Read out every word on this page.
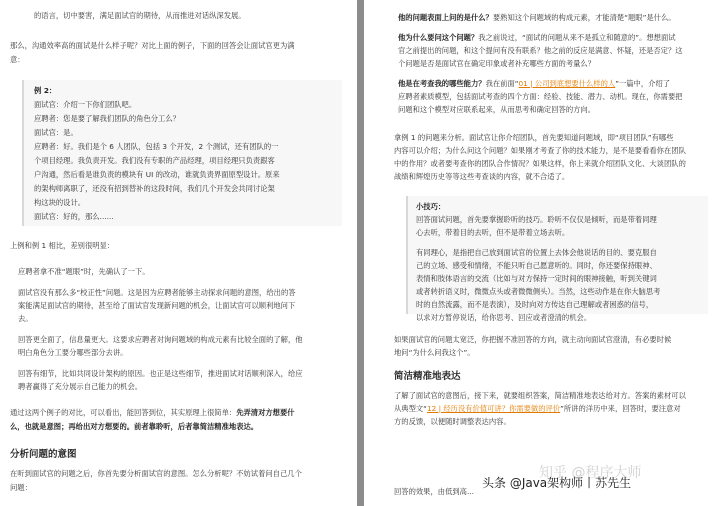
的语言，切中要害，满足面试官的期待，从而推进对话纵深发展。
那么，沟通效率高的面试是什么样子呢？对比上面的例子，下面的回答会让面试官更为满
意：
例 2：
面试官：介绍一下你们团队吧。
应聘者：您是要了解我们团队的角色分工么？
面试官：是。
应聘者：好。我们是个 6 人团队，包括 3 个开发，2 个测试，还有团队的一
个项目经理。我负责开发。我们没有专职的产品经理，项目经理只负责跟客
户沟通，然后看是谁负责的模块有 UI 的改动，谁就负责界面原型设计。原来
的架构师离职了，还没有招到替补的这段时间，我们几个开发会共同讨论架
构这块的设计。
面试官：好的，那么......
上例和例 1 相比，差别很明显：
应聘者拿不准“题眼”时，先确认了一下。
面试官没有那么多“校正性”问题。这是因为应聘者能够主动探求问题的意图，给出的答
案能满足面试官的期待，甚至给了面试官发现新问题的机会，让面试官可以顺利地问下
去。
回答更全面了，信息量更大。这要求应聘者对询问题域的构成元素有比较全面的了解，他
明白角色分工要分哪些部分去讲。
回答有细节，比如共同设计架构的原因。也正是这些细节，推进面试对话顺利深入，给应
聘者赢得了充分展示自己能力的机会。
通过这两个例子的对比，可以看出，能回答到位，其实原理上很简单：先弄清对方想要什
么，也就是意图；再给出对方想要的。前者靠聆听，后者靠简洁精准地表达。
分析问题的意图
在听到面试官的问题之后，你首先要分析面试官的意图。怎么分析呢？不妨试着问自己几个
问题：
他的问题表面上问的是什么？要熟知这个问题域的构成元素，才能清楚“题眼”是什么。
他为什么要问这个问题？我之前说过，“面试的问题从来不是孤立和随意的”。想想面试
官之前提出的问题，和这个提问有没有联系？他之前的反应是满意、怀疑，还是否定？这
个问题是否是面试官在确定印象或者补充哪些方面的考量么？
他是在考查我的哪些能力？我在前面“01 | 公司到底想要什么样的人”一篇中，介绍了
应聘者素质模型，包括面试考查的四个方面：经验、技能、潜力、动机。现在，你需要把
问题和这个模型对应联系起来，从而思考和确定回答的方向。
拿例 1 的问题来分析。面试官让你介绍团队，首先要知道问题域，即“项目团队”有哪些
内容可以介绍；为什么问这个问题？如果刚才考查了你的技术能力，是不是要看看你在团队
中的作用？或者要考查你的团队合作情况？如果这样，你上来就介绍团队文化、大谈团队的
战绩和辉煌历史等等这些考查谈的内容，就不合适了。
小技巧：
回答面试问题，首先要掌握聆听的技巧。聆听不仅仅是倾听，而是带着同理
心去听，带着目的去听，但不是带着立场去听。
有同理心，是指把自己放到面试官的位置上去体会他说话的目的、要克服自
己的立场、感受和情绪，不能只听自己愿意听的。同时，你还要保持眼神、
表情和肢体语言的交流（比如与对方保持一定时间的眼神接触，听到关键词
或者转折语义时，微微点头或者微微侧头）。当然，这些动作是在你大脑思考
时的自然流露，而不是表演），及时向对方传达自己理解或者困惑的信号，
以求对方暂停说话，给你思考、回应或者澄清的机会。
如果面试官的问题太宽泛，你把握不准回答的方向，就主动向面试官澄清，有必要时候
地问“为什么问我这个”。
简洁精准地表达
了解了面试官的意图后，接下来，就要组织答案，简洁精准地表达给对方。答案的素材可以
从典型文“12 | 经历没有价值可讲？你需要做的评价”所讲的洋历中来，回答时，要注意对
方的反馈，以便随时调整表达内容。
回答的效果，由低到高...
知乎 @程序大师
头条 @Java架构师丨苏先生
